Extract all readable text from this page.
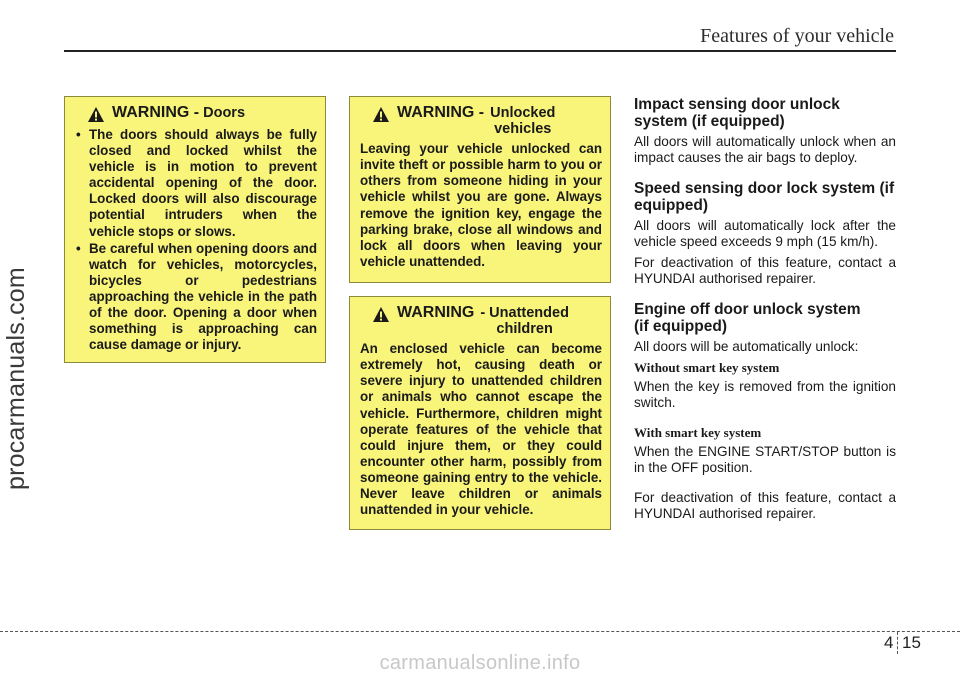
procarmanuals.com
Features of your vehicle
WARNING - Doors
• The doors should always be fully closed and locked whilst the vehicle is in motion to prevent accidental opening of the door. Locked doors will also discourage potential intruders when the vehicle stops or slows.
• Be careful when opening doors and watch for vehicles, motorcycles, bicycles or pedestrians approaching the vehicle in the path of the door. Opening a door when something is approaching can cause damage or injury.
WARNING - Unlocked
vehicles
Leaving your vehicle unlocked can invite theft or possible harm to you or others from someone hiding in your vehicle whilst you are gone. Always remove the ignition key, engage the parking brake, close all windows and lock all doors when leaving your vehicle unattended.
WARNING - Unattended
children
An enclosed vehicle can become extremely hot, causing death or severe injury to unattended children or animals who cannot escape the vehicle. Furthermore, children might operate features of the vehicle that could injure them, or they could encounter other harm, possibly from someone gaining entry to the vehicle. Never leave children or animals unattended in your vehicle.
Impact sensing door unlock system (if equipped)

All doors will automatically unlock when an impact causes the air bags to deploy.

Speed sensing door lock system (if equipped)

All doors will automatically lock after the vehicle speed exceeds 9 mph (15 km/h).

For deactivation of this feature, contact a HYUNDAI authorised repairer.

Engine off door unlock system
(if equipped)

All doors will be automatically unlock:

Without smart key system

When the key is removed from the ignition switch.

With smart key system

When the ENGINE START/STOP button is in the OFF position.

For deactivation of this feature, contact a HYUNDAI authorised repairer.

4 15
carmanualsonline.info
